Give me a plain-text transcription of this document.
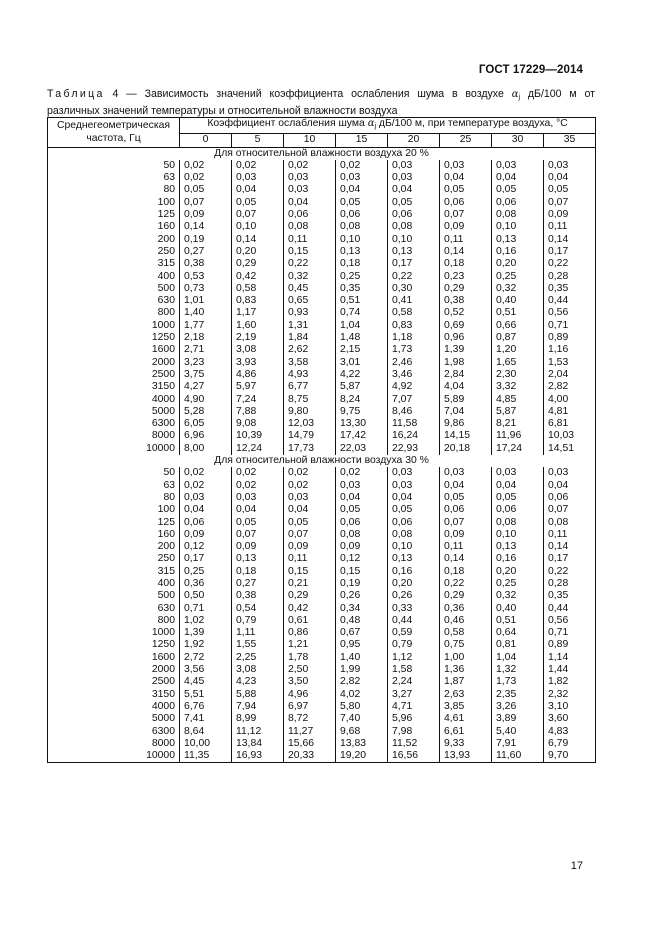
ГОСТ 17229—2014
Таблица 4 — Зависимость значений коэффициента ослабления шума в воздухе $\alpha_j$ дБ/100 м от
различных значений температуры и относительной влажности воздуха
Среднегеометрическая частота, Гц	Коэффициент ослабления шума $\alpha_j$ дБ/100 м, при температуре воздуха, °С							
	0	5	10	15	20	25	30	35
Для относительной влажности воздуха 20 %								
50	0,02	0,02	0,02	0,02	0,03	0,03	0,03	0,03
63	0,02	0,03	0,03	0,03	0,03	0,04	0,04	0,04
80	0,05	0,04	0,03	0,04	0,04	0,05	0,05	0,05
100	0,07	0,05	0,04	0,05	0,05	0,06	0,06	0,07
125	0,09	0,07	0,06	0,06	0,06	0,07	0,08	0,09
160	0,14	0,10	0,08	0,08	0,08	0,09	0,10	0,11
200	0,19	0,14	0,11	0,10	0,10	0,11	0,13	0,14
250	0,27	0,20	0,15	0,13	0,13	0,14	0,16	0,17
315	0,38	0,29	0,22	0,18	0,17	0,18	0,20	0,22
400	0,53	0,42	0,32	0,25	0,22	0,23	0,25	0,28
500	0,73	0,58	0,45	0,35	0,30	0,29	0,32	0,35
630	1,01	0,83	0,65	0,51	0,41	0,38	0,40	0,44
800	1,40	1,17	0,93	0,74	0,58	0,52	0,51	0,56
1000	1,77	1,60	1,31	1,04	0,83	0,69	0,66	0,71
1250	2,18	2,19	1,84	1,48	1,18	0,96	0,87	0,89
1600	2,71	3,08	2,62	2,15	1,73	1,39	1,20	1,16
2000	3,23	3,93	3,58	3,01	2,46	1,98	1,65	1,53
2500	3,75	4,86	4,93	4,22	3,46	2,84	2,30	2,04
3150	4,27	5,97	6,77	5,87	4,92	4,04	3,32	2,82
4000	4,90	7,24	8,75	8,24	7,07	5,89	4,85	4,00
5000	5,28	7,88	9,80	9,75	8,46	7,04	5,87	4,81
6300	6,05	9,08	12,03	13,30	11,58	9,86	8,21	6,81
8000	6,96	10,39	14,79	17,42	16,24	14,15	11,96	10,03
10000	8,00	12,24	17,73	22,03	22,93	20,18	17,24	14,51
Для относительной влажности воздуха 30 %								
50	0,02	0,02	0,02	0,02	0,03	0,03	0,03	0,03
63	0,02	0,02	0,02	0,03	0,03	0,04	0,04	0,04
80	0,03	0,03	0,03	0,04	0,04	0,05	0,05	0,06
100	0,04	0,04	0,04	0,05	0,05	0,06	0,06	0,07
125	0,06	0,05	0,05	0,06	0,06	0,07	0,08	0,08
160	0,09	0,07	0,07	0,08	0,08	0,09	0,10	0,11
200	0,12	0,09	0,09	0,09	0,10	0,11	0,13	0,14
250	0,17	0,13	0,11	0,12	0,13	0,14	0,16	0,17
315	0,25	0,18	0,15	0,15	0,16	0,18	0,20	0,22
400	0,36	0,27	0,21	0,19	0,20	0,22	0,25	0,28
500	0,50	0,38	0,29	0,26	0,26	0,29	0,32	0,35
630	0,71	0,54	0,42	0,34	0,33	0,36	0,40	0,44
800	1,02	0,79	0,61	0,48	0,44	0,46	0,51	0,56
1000	1,39	1,11	0,86	0,67	0,59	0,58	0,64	0,71
1250	1,92	1,55	1,21	0,95	0,79	0,75	0,81	0,89
1600	2,72	2,25	1,78	1,40	1,12	1,00	1,04	1,14
2000	3,56	3,08	2,50	1,99	1,58	1,36	1,32	1,44
2500	4,45	4,23	3,50	2,82	2,24	1,87	1,73	1,82
3150	5,51	5,88	4,96	4,02	3,27	2,63	2,35	2,32
4000	6,76	7,94	6,97	5,80	4,71	3,85	3,26	3,10
5000	7,41	8,99	8,72	7,40	5,96	4,61	3,89	3,60
6300	8,64	11,12	11,27	9,68	7,98	6,61	5,40	4,83
8000	10,00	13,84	15,66	13,83	11,52	9,33	7,91	6,79
10000	11,35	16,93	20,33	19,20	16,56	13,93	11,60	9,70
17
